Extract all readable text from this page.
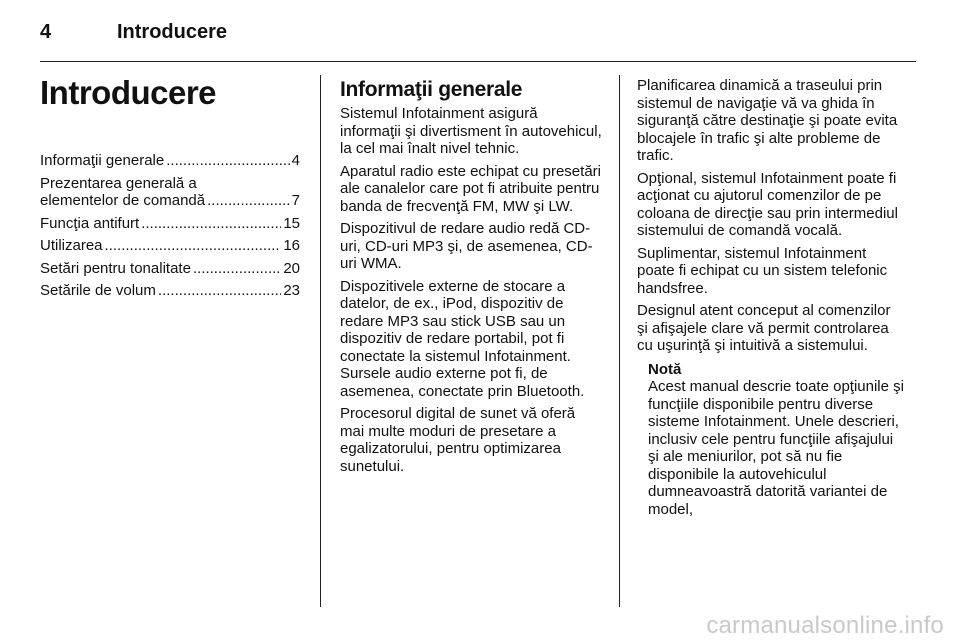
4	Introducere
Introducere
Informaţii generale .....	4
Prezentarea generală a
elementelor de comandă .....	7
Funcţia antifurt .....	15
Utilizarea .....	16
Setări pentru tonalitate .....	20
Setările de volum .....	23
Informaţii generale

Sistemul Infotainment asigură informaţii şi divertisment în autovehicul, la cel mai înalt nivel tehnic.

Aparatul radio este echipat cu presetări ale canalelor care pot fi atribuite pentru banda de frecvenţă FM, MW şi LW.

Dispozitivul de redare audio redă CD-uri, CD-uri MP3 şi, de asemenea, CD-uri WMA.

Dispozitivele externe de stocare a datelor, de ex., iPod, dispozitiv de redare MP3 sau stick USB sau un dispozitiv de redare portabil, pot fi conectate la sistemul Infotainment. Sursele audio externe pot fi, de asemenea, conectate prin Bluetooth.

Procesorul digital de sunet vă oferă mai multe moduri de presetare a egalizatorului, pentru optimizarea sunetului.

Planificarea dinamică a traseului prin sistemul de navigaţie vă va ghida în siguranţă către destinaţie şi poate evita blocajele în trafic şi alte probleme de trafic.

Opţional, sistemul Infotainment poate fi acţionat cu ajutorul comenzilor de pe coloana de direcţie sau prin intermediul sistemului de comandă vocală.

Suplimentar, sistemul Infotainment poate fi echipat cu un sistem telefonic handsfree.

Designul atent conceput al comenzilor şi afişajele clare vă permit controlarea cu uşurinţă şi intuitivă a sistemului.

Notă
Acest manual descrie toate opţiunile şi funcţiile disponibile pentru diverse sisteme Infotainment. Unele descrieri, inclusiv cele pentru funcţiile afişajului şi ale meniurilor, pot să nu fie disponibile la autovehiculul dumneavoastră datorită variantei de model,
carmanualsonline.info
